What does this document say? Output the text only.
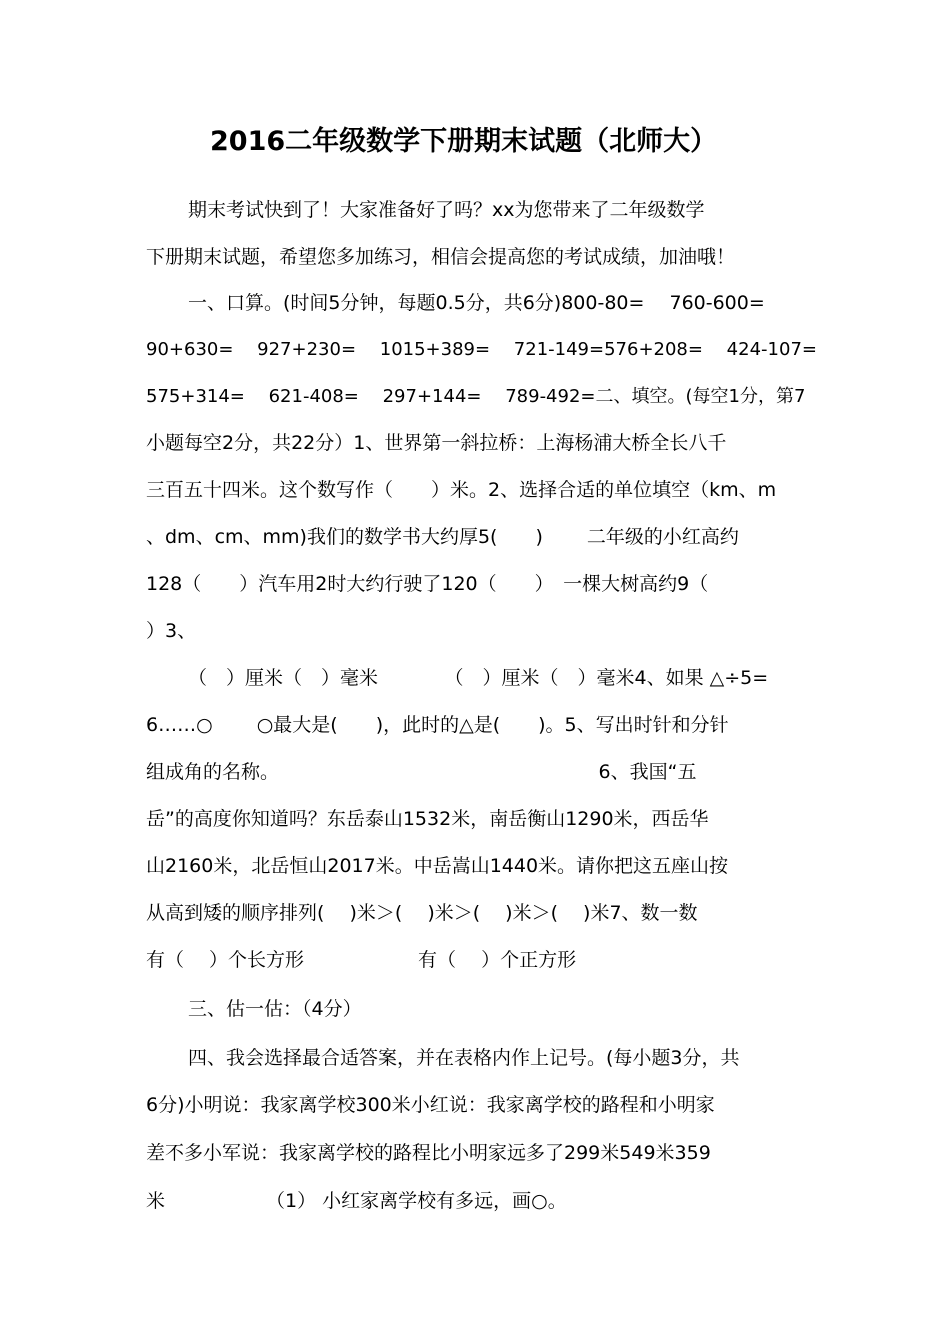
2016二年级数学下册期末试题（北师大）
期末考试快到了！大家准备好了吗？xx为您带来了二年级数学
下册期末试题，希望您多加练习，相信会提高您的考试成绩，加油哦！
一、口算。(时间5分钟，每题0.5分，共6分)800-80=　 760-600=
90+630=　 927+230=　 1015+389=　 721-149=576+208=　 424-107=
575+314=　 621-408=　 297+144=　 789-492=二、填空。(每空1分，第7
小题每空2分，共22分）1、世界第一斜拉桥：上海杨浦大桥全长八千
三百五十四米。这个数写作（　　）米。2、选择合适的单位填空（km、m
、dm、cm、mm)我们的数学书大约厚5(　　)　　 二年级的小红高约
128（　　）汽车用2时大约行驶了120（　　）　一棵大树高约9（
）3、
（　）厘米（　）毫米　　　　（　）厘米（　）毫米4、如果 △÷5=
6……○　　 ○最大是(　　)，此时的△是(　　)。5、写出时针和分针
组成角的名称。　　　　　　　　　　　　　　　　　 6、我国“五
岳”的高度你知道吗？东岳泰山1532米，南岳衡山1290米，西岳华
山2160米，北岳恒山2017米。中岳嵩山1440米。请你把这五座山按
从高到矮的顺序排列(　 )米＞(　 )米＞(　 )米＞(　 )米7、数一数
有（　 ）个长方形　　　　　　有（　 ）个正方形
三、估一估：（4分）
四、我会选择最合适答案，并在表格内作上记号。(每小题3分，共
6分)小明说：我家离学校300米小红说：我家离学校的路程和小明家
差不多小军说：我家离学校的路程比小明家远多了299米549米359
米　　　　　 （1） 小红家离学校有多远，画○。
